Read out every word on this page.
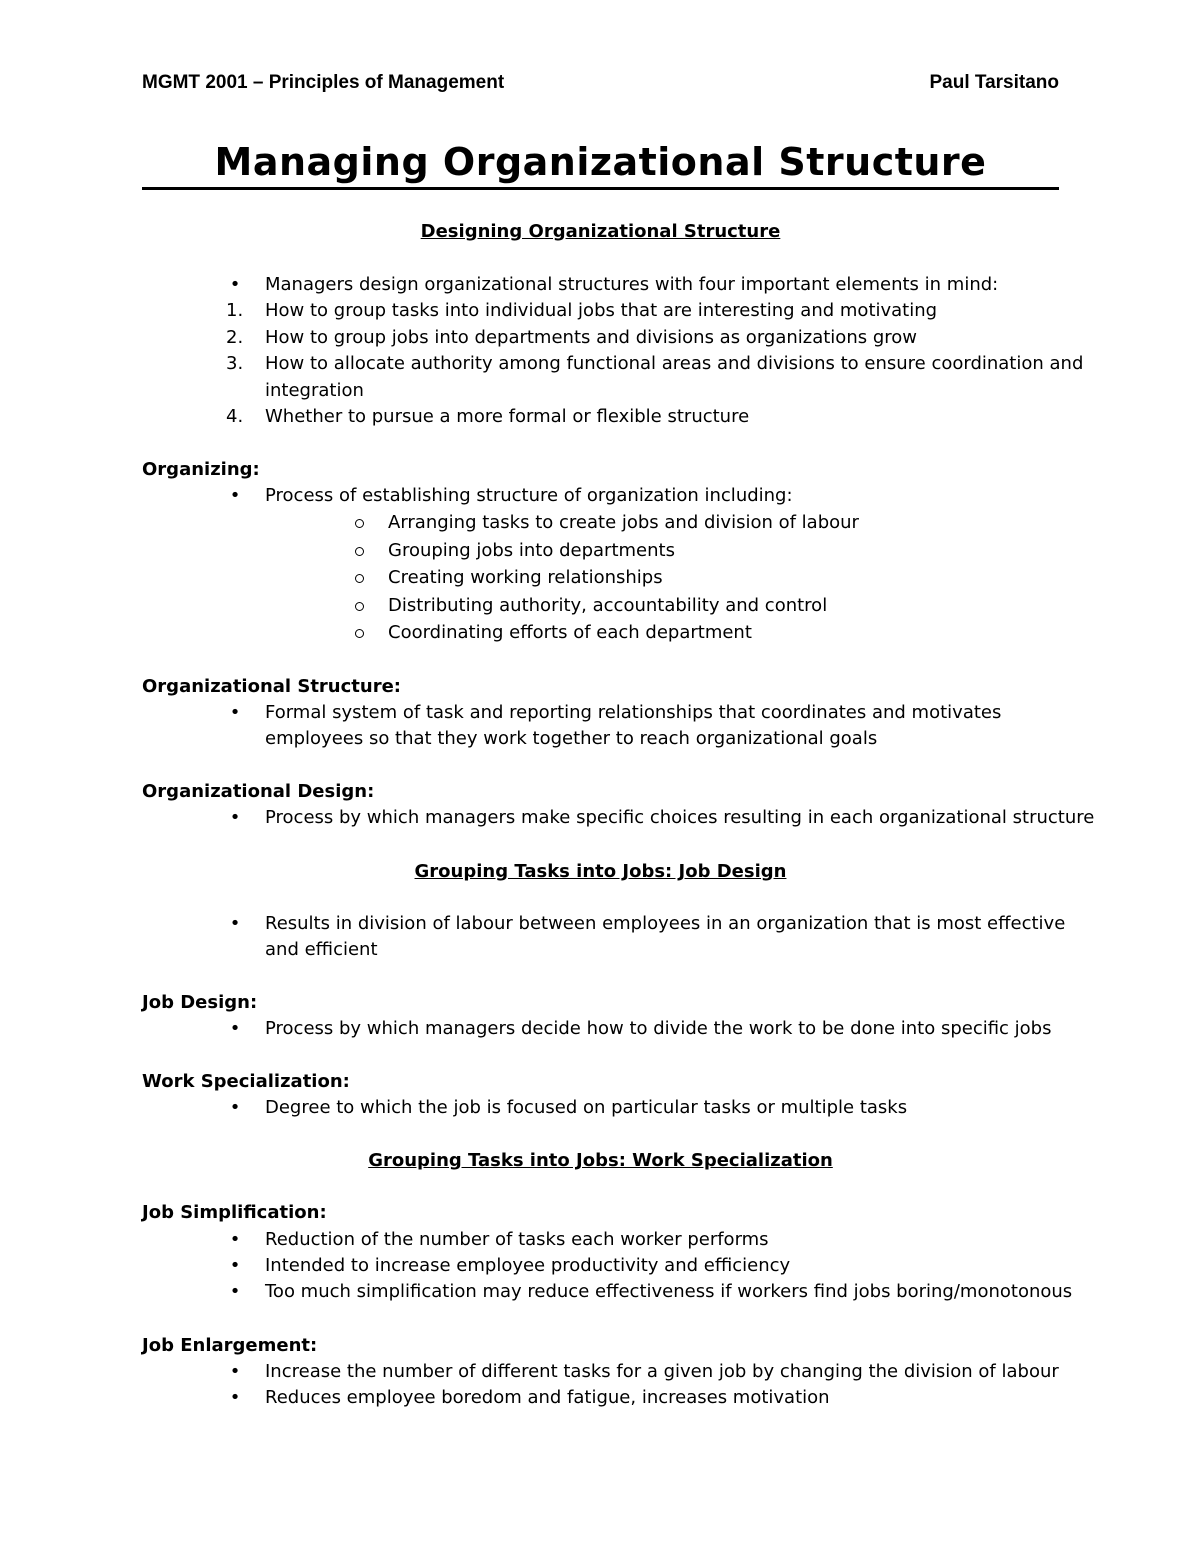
MGMT 2001 – Principles of Management	Paul Tarsitano
Managing Organizational Structure
Designing Organizational Structure
• Managers design organizational structures with four important elements in mind:
1. How to group tasks into individual jobs that are interesting and motivating
2. How to group jobs into departments and divisions as organizations grow
3. How to allocate authority among functional areas and divisions to ensure coordination and
integration
4. Whether to pursue a more formal or flexible structure
Organizing:
• Process of establishing structure of organization including:
Arranging tasks to create jobs and division of labour
Grouping jobs into departments
Creating working relationships
Distributing authority, accountability and control
Coordinating efforts of each department
Organizational Structure:
• Formal system of task and reporting relationships that coordinates and motivates
employees so that they work together to reach organizational goals
Organizational Design:
• Process by which managers make specific choices resulting in each organizational structure
Grouping Tasks into Jobs: Job Design
• Results in division of labour between employees in an organization that is most effective
and efficient
Job Design:
• Process by which managers decide how to divide the work to be done into specific jobs
Work Specialization:
• Degree to which the job is focused on particular tasks or multiple tasks
Grouping Tasks into Jobs: Work Specialization
Job Simplification:
• Reduction of the number of tasks each worker performs
• Intended to increase employee productivity and efficiency
• Too much simplification may reduce effectiveness if workers find jobs boring/monotonous
Job Enlargement:
• Increase the number of different tasks for a given job by changing the division of labour
• Reduces employee boredom and fatigue, increases motivation
